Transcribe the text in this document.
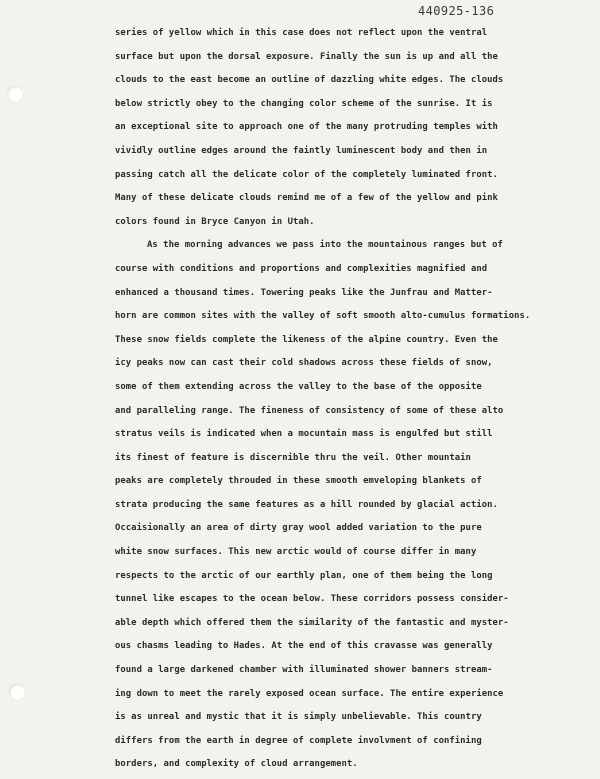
440925-136
series of yellow which in this case does not reflect upon the ventral
surface but upon the dorsal exposure. Finally the sun is up and all the
clouds to the east become an outline of dazzling white edges. The clouds
below strictly obey to the changing color scheme of the sunrise. It is
an exceptional site to approach one of the many protruding temples with
vividly outline edges around the faintly luminescent body and then in
passing catch all the delicate color of the completely luminated front.
Many of these delicate clouds remind me of a few of the yellow and pink
colors found in Bryce Canyon in Utah.
As the morning advances we pass into the mountainous ranges but of
course with conditions and proportions and complexities magnified and
enhanced a thousand times. Towering peaks like the Junfrau and Matter-
horn are common sites with the valley of soft smooth alto-cumulus formations.
These snow fields complete the likeness of the alpine country. Even the
icy peaks now can cast their cold shadows across these fields of snow,
some of them extending across the valley to the base of the opposite
and paralleling range. The fineness of consistency of some of these alto
stratus veils is indicated when a mocuntain mass is engulfed but still
its finest of feature is discernible thru the veil. Other mountain
peaks are completely throuded in these smooth emveloping blankets of
strata producing the same features as a hill rounded by glacial action.
Occaisionally an area of dirty gray wool added variation to the pure
white snow surfaces. This new arctic would of course differ in many
respects to the arctic of our earthly plan, one of them being the long
tunnel like escapes to the ocean below. These corridors possess consider-
able depth which offered them the similarity of the fantastic and myster-
ous chasms leading to Hades. At the end of this cravasse was generally
found a large darkened chamber with illuminated shower banners stream-
ing down to meet the rarely exposed ocean surface. The entire experience
is as unreal and mystic that it is simply unbelievable. This country
differs from the earth in degree of complete involvment of confining
borders, and complexity of cloud arrangement.
